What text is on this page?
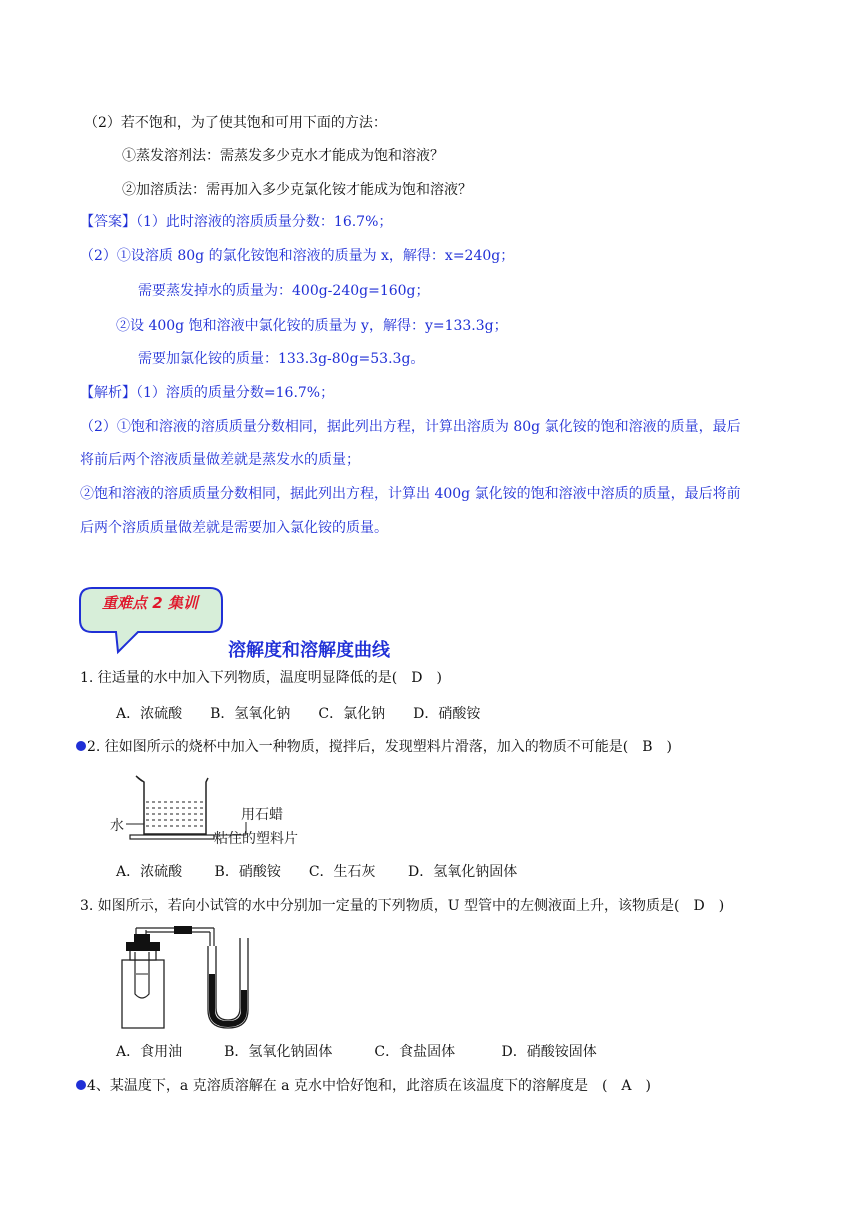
（2）若不饱和，为了使其饱和可用下面的方法：
①蒸发溶剂法：需蒸发多少克水才能成为饱和溶液？
②加溶质法：需再加入多少克氯化铵才能成为饱和溶液？
【答案】（1）此时溶液的溶质质量分数：16.7%；
（2）①设溶质 80g 的氯化铵饱和溶液的质量为 x，解得：x=240g；
需要蒸发掉水的质量为：400g-240g=160g；
②设 400g 饱和溶液中氯化铵的质量为 y，解得：y=133.3g；
需要加氯化铵的质量：133.3g-80g=53.3g。
【解析】（1）溶质的质量分数=16.7%；
（2）①饱和溶液的溶质质量分数相同，据此列出方程，计算出溶质为 80g 氯化铵的饱和溶液的质量，最后
将前后两个溶液质量做差就是蒸发水的质量；
②饱和溶液的溶质质量分数相同，据此列出方程，计算出 400g 氯化铵的饱和溶液中溶质的质量，最后将前
后两个溶质质量做差就是需要加入氯化铵的质量。
重难点 2 集训
溶解度和溶解度曲线
1. 往适量的水中加入下列物质，温度明显降低的是(　D　)
A．浓硫酸　　B．氢氧化钠　　C．氯化钠　　D．硝酸铵
2. 往如图所示的烧杯中加入一种物质，搅拌后，发现塑料片滑落，加入的物质不可能是(　B　)
水
用石蜡
粘住的塑料片
A．浓硫酸　　 B．硝酸铵　　C．生石灰　　 D．氢氧化钠固体
3. 如图所示，若向小试管的水中分别加一定量的下列物质，U 型管中的左侧液面上升，该物质是(　D　)
A．食用油　　　B．氢氧化钠固体　　　C．食盐固体　　　 D．硝酸铵固体
4、某温度下，a 克溶质溶解在 a 克水中恰好饱和，此溶质在该温度下的溶解度是　(　A　)
